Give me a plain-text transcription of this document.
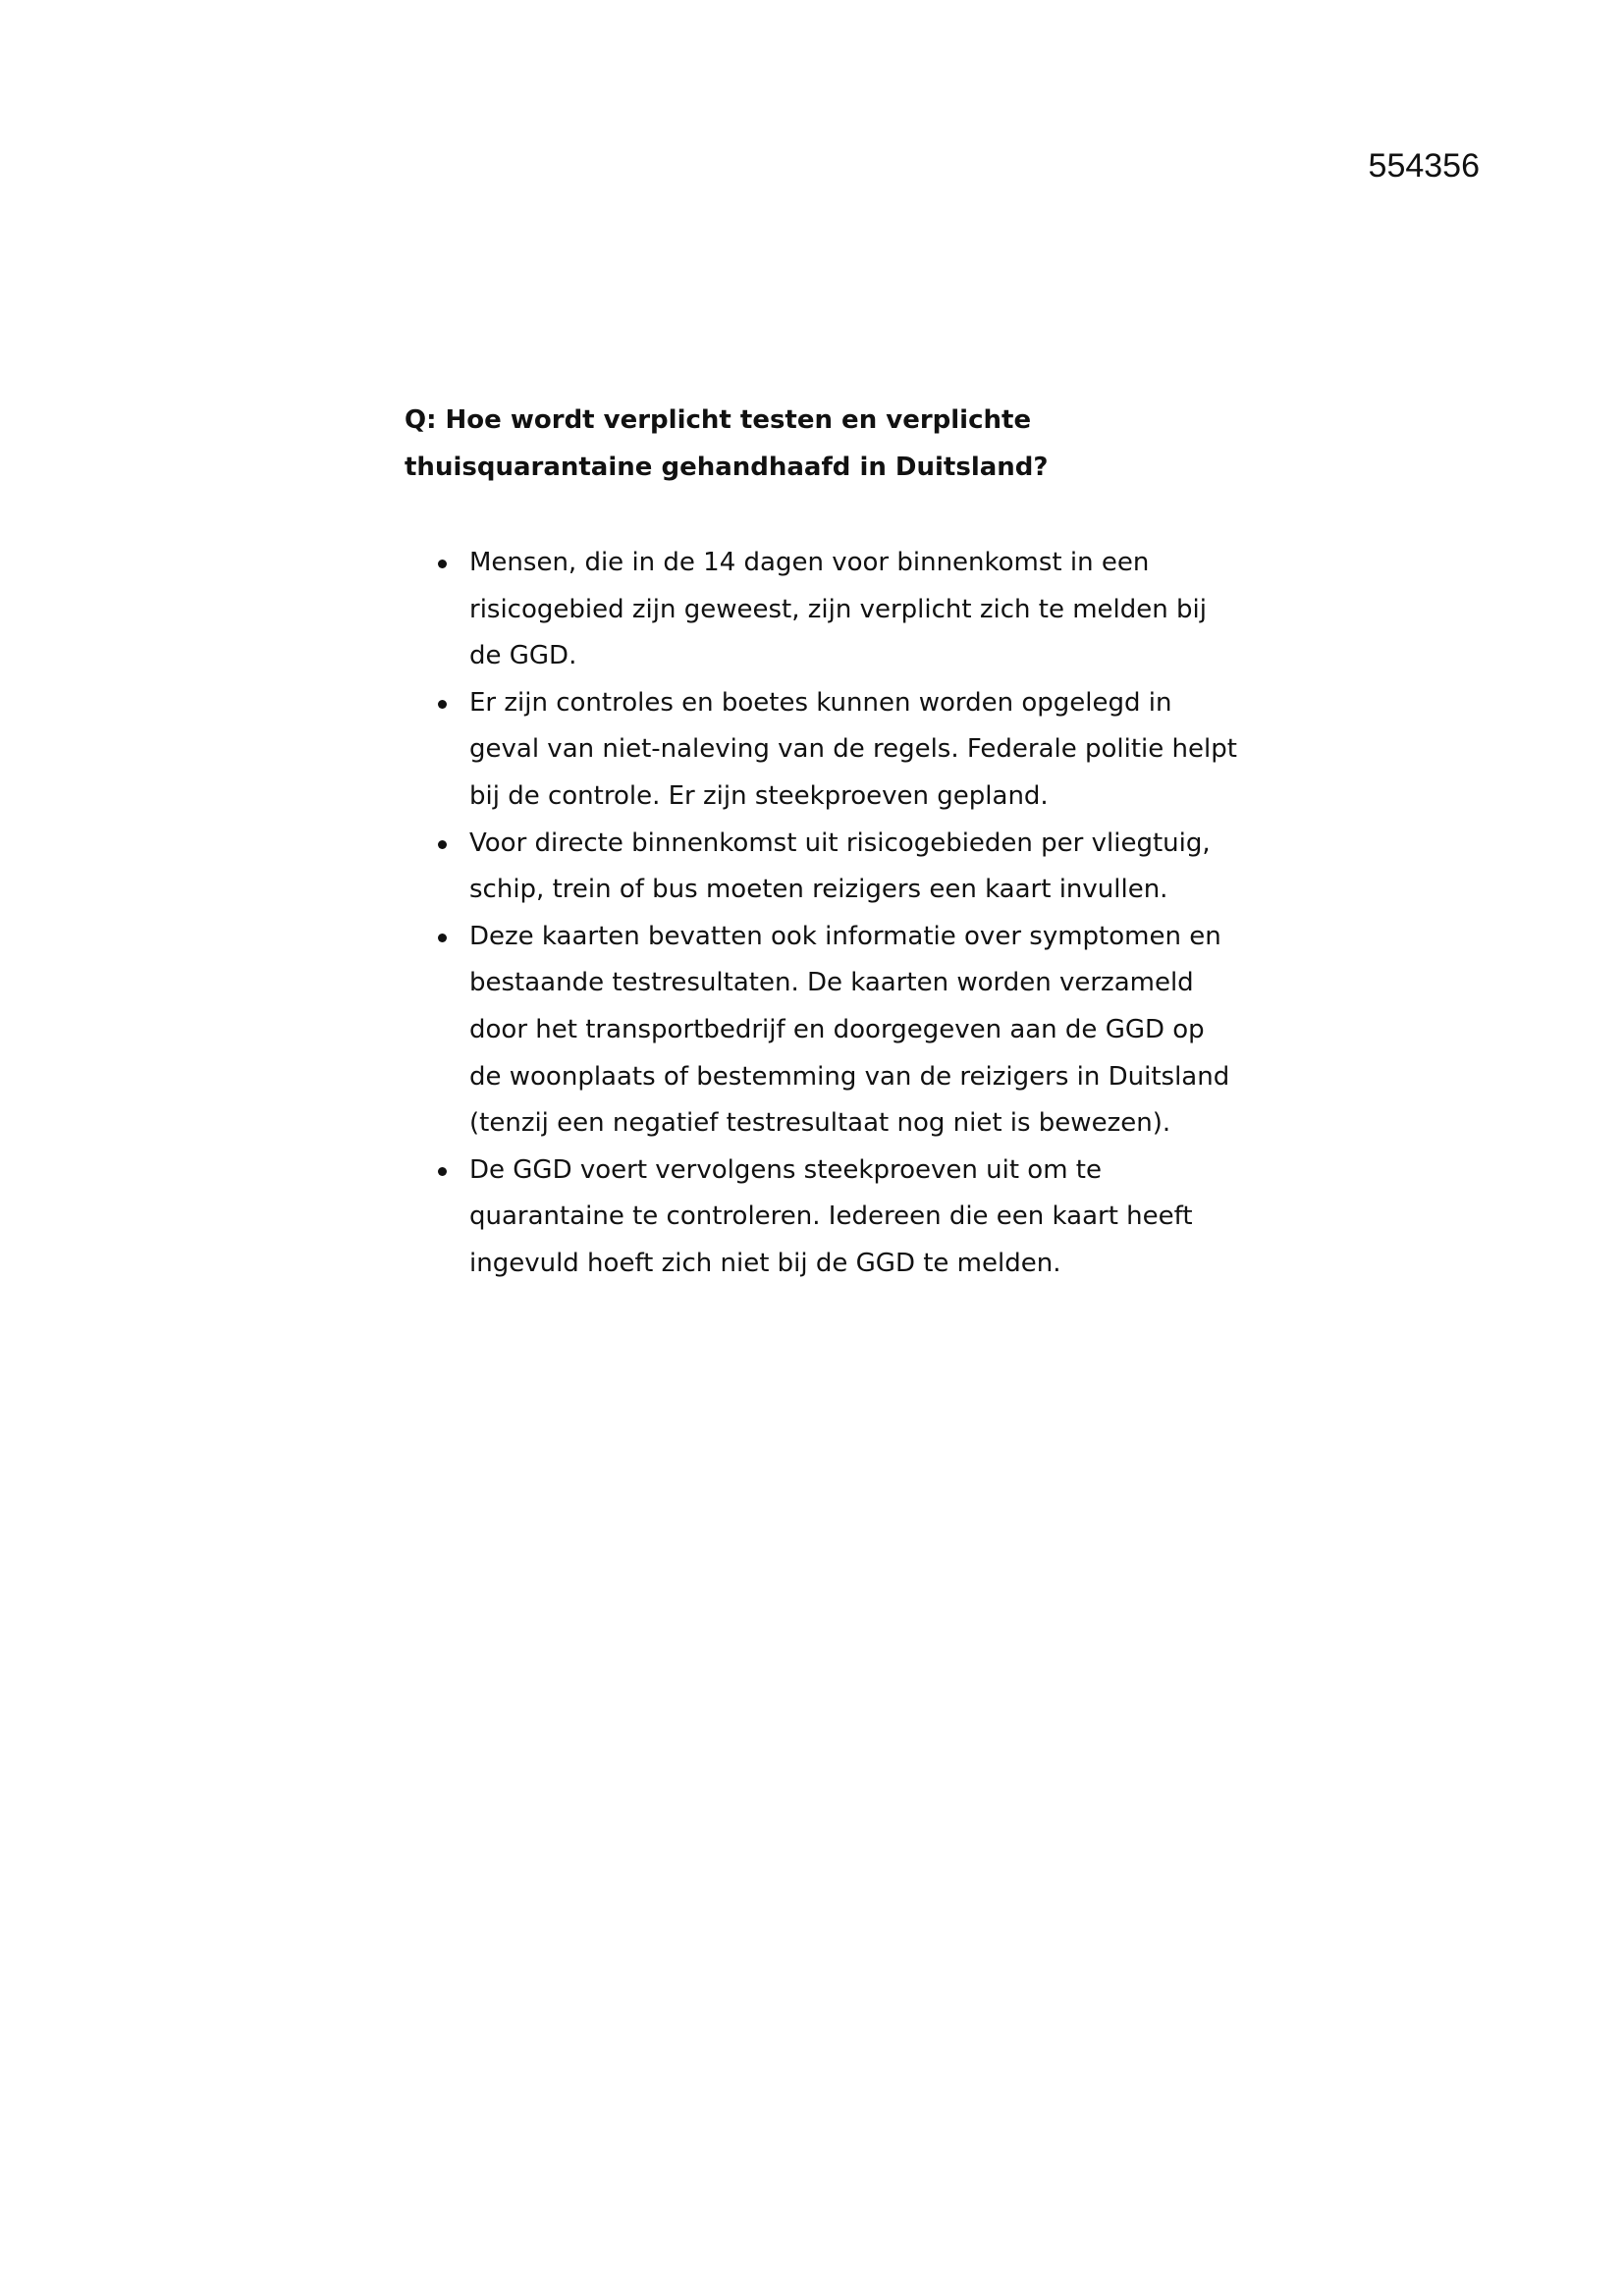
554356

Q: Hoe wordt verplicht testen en verplichte thuisquarantaine gehandhaafd in Duitsland?

Mensen, die in de 14 dagen voor binnenkomst in een risicogebied zijn geweest, zijn verplicht zich te melden bij de GGD.
Er zijn controles en boetes kunnen worden opgelegd in geval van niet-naleving van de regels. Federale politie helpt bij de controle. Er zijn steekproeven gepland.
Voor directe binnenkomst uit risicogebieden per vliegtuig, schip, trein of bus moeten reizigers een kaart invullen.
Deze kaarten bevatten ook informatie over symptomen en bestaande testresultaten. De kaarten worden verzameld door het transportbedrijf en doorgegeven aan de GGD op de woonplaats of bestemming van de reizigers in Duitsland (tenzij een negatief testresultaat nog niet is bewezen).
De GGD voert vervolgens steekproeven uit om te quarantaine te controleren. Iedereen die een kaart heeft ingevuld hoeft zich niet bij de GGD te melden.
